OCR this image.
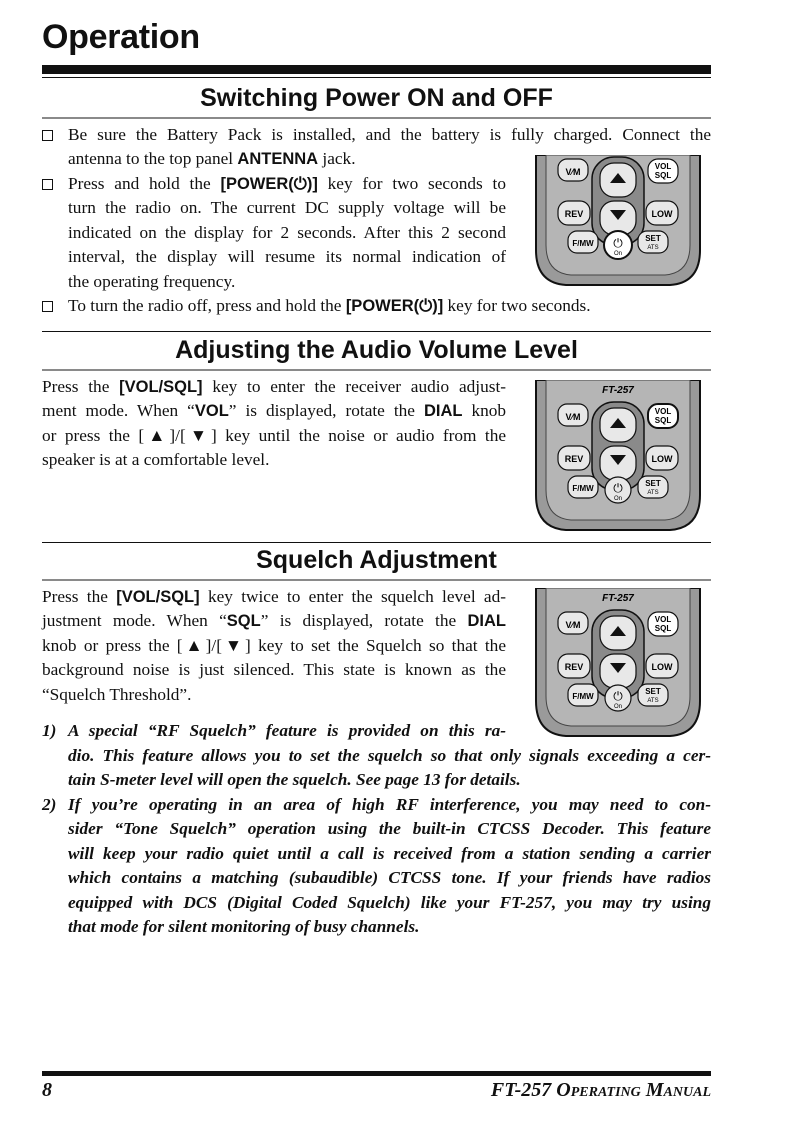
Operation
Switching Power ON and OFF
Be sure the Battery Pack is installed, and the battery is fully charged. Connect the
antenna to the top panel ANTENNA jack.
Press and hold the [POWER(⏻)] key for two seconds to
turn the radio on. The current DC supply voltage will be
indicated on the display for 2 seconds. After this 2 second
interval, the display will resume its normal indication of
the operating frequency.
To turn the radio off, press and hold the [POWER(⏻)] key for two seconds.
V⁄M
VOL
SQL
REV	LOW
F/MW ⏻
On
SET
ATS
Adjusting the Audio Volume Level
Press the [VOL/SQL] key to enter the receiver audio adjust-
ment mode. When “VOL” is displayed, rotate the DIAL knob
or press the [▲]/[▼] key until the noise or audio from the
speaker is at a comfortable level.
FT-257
V⁄M
VOL
SQL
REV	LOW
F/MW ⏻
On
SET
ATS
Squelch Adjustment
Press the [VOL/SQL] key twice to enter the squelch level ad-
justment mode. When “SQL” is displayed, rotate the DIAL
knob or press the [▲]/[▼] key to set the Squelch so that the
background noise is just silenced. This state is known as the
“Squelch Threshold”.
FT-257
V⁄M
VOL
SQL
REV	LOW
F/MW ⏻
On
SET
ATS
1) A special “RF Squelch” feature is provided on this ra-
dio. This feature allows you to set the squelch so that only signals exceeding a cer-
tain S-meter level will open the squelch. See page 13 for details.
2) If you’re operating in an area of high RF interference, you may need to con-
sider “Tone Squelch” operation using the built-in CTCSS Decoder. This feature
will keep your radio quiet until a call is received from a station sending a carrier
which contains a matching (subaudible) CTCSS tone. If your friends have radios
equipped with DCS (Digital Coded Squelch) like your FT-257, you may try using
that mode for silent monitoring of busy channels.
8	FT-257 Operating Manual
